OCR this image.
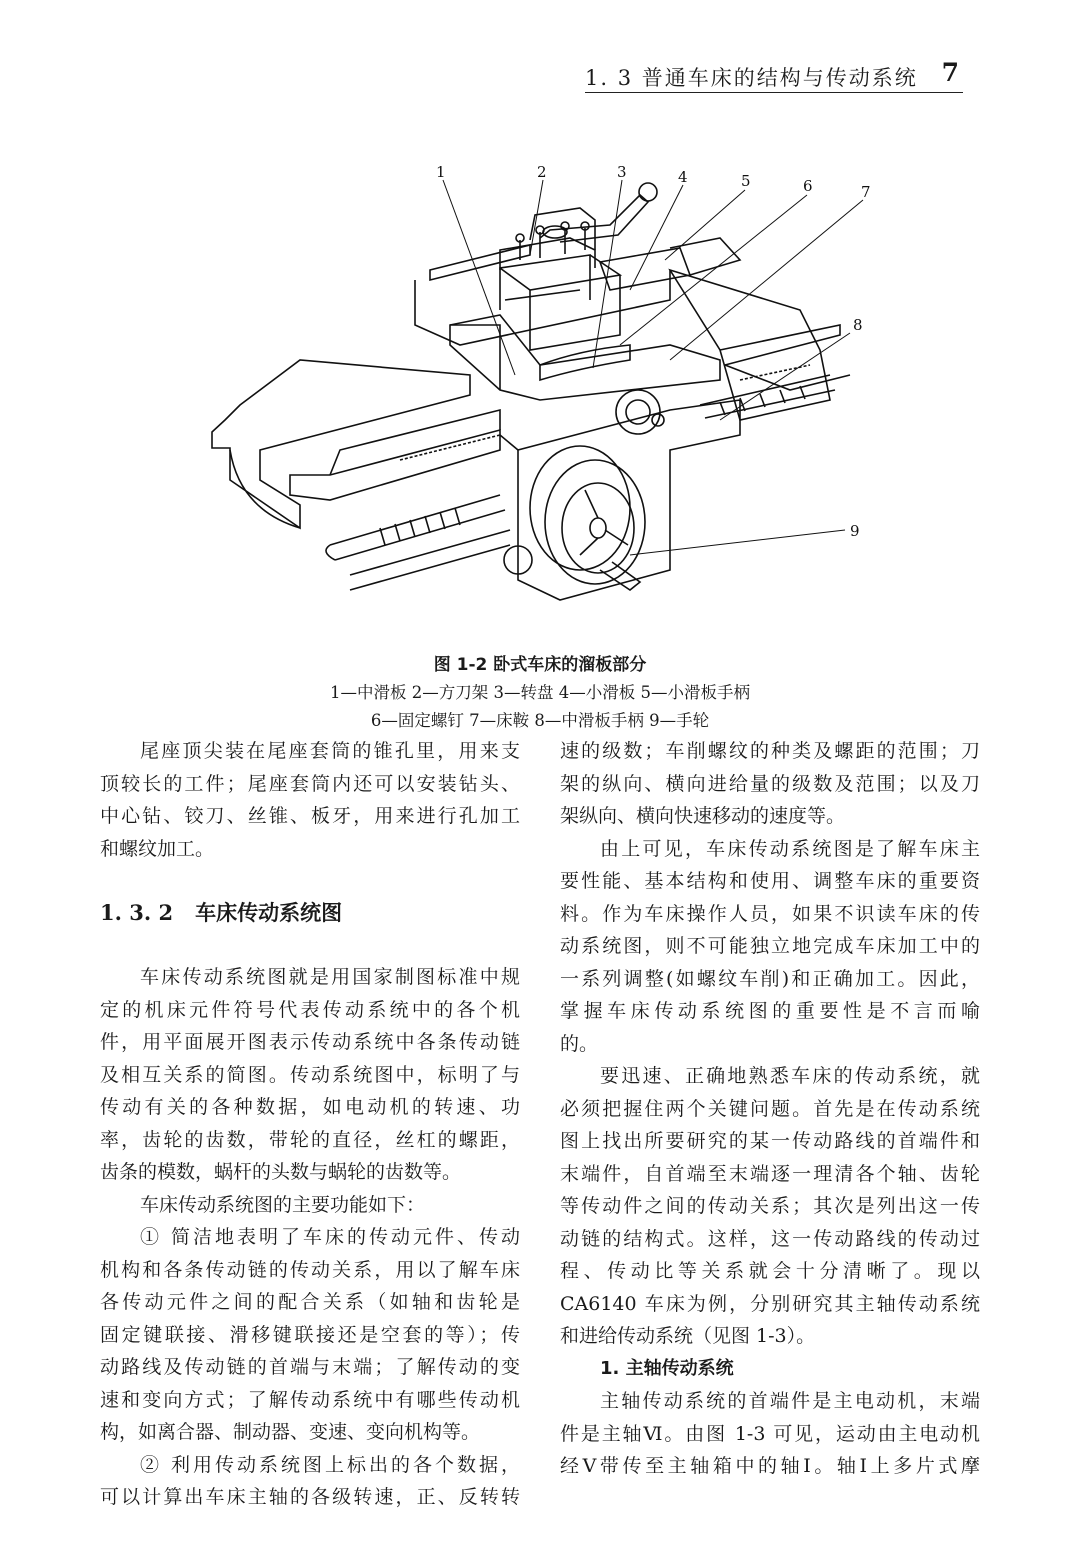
1. 3 普通车床的结构与传动系统 7
1	2	3	4	5	6	7
8
9
图 1-2 卧式车床的溜板部分
1—中滑板 2—方刀架 3—转盘 4—小滑板 5—小滑板手柄
6—固定螺钉 7—床鞍 8—中滑板手柄 9—手轮
尾座顶尖装在尾座套筒的锥孔里，用来支
顶较长的工件；尾座套筒内还可以安装钻头、
中心钻、铰刀、丝锥、板牙，用来进行孔加工
和螺纹加工。
1. 3. 2 车床传动系统图
车床传动系统图就是用国家制图标准中规
定的机床元件符号代表传动系统中的各个机
件，用平面展开图表示传动系统中各条传动链
及相互关系的简图。传动系统图中，标明了与
传动有关的各种数据，如电动机的转速、功
率，齿轮的齿数，带轮的直径，丝杠的螺距，
齿条的模数，蜗杆的头数与蜗轮的齿数等。
车床传动系统图的主要功能如下：
① 简洁地表明了车床的传动元件、传动
机构和各条传动链的传动关系，用以了解车床
各传动元件之间的配合关系（如轴和齿轮是
固定键联接、滑移键联接还是空套的等）；传
动路线及传动链的首端与末端；了解传动的变
速和变向方式；了解传动系统中有哪些传动机
构，如离合器、制动器、变速、变向机构等。
② 利用传动系统图上标出的各个数据，
可以计算出车床主轴的各级转速，正、反转转
速的级数；车削螺纹的种类及螺距的范围；刀
架的纵向、横向进给量的级数及范围；以及刀
架纵向、横向快速移动的速度等。
由上可见，车床传动系统图是了解车床主
要性能、基本结构和使用、调整车床的重要资
料。作为车床操作人员，如果不识读车床的传
动系统图，则不可能独立地完成车床加工中的
一系列调整(如螺纹车削)和正确加工。因此，
掌握车床传动系统图的重要性是不言而喻
的。
要迅速、正确地熟悉车床的传动系统，就
必须把握住两个关键问题。首先是在传动系统
图上找出所要研究的某一传动路线的首端件和
末端件，自首端至末端逐一理清各个轴、齿轮
等传动件之间的传动关系；其次是列出这一传
动链的结构式。这样，这一传动路线的传动过
程、传动比等关系就会十分清晰了。现以
CA6140 车床为例，分别研究其主轴传动系统
和进给传动系统（见图 1-3）。
1. 主轴传动系统
主轴传动系统的首端件是主电动机，末端
件是主轴Ⅵ。由图 1-3 可见，运动由主电动机
经Ⅴ带传至主轴箱中的轴Ⅰ。轴Ⅰ上多片式摩
